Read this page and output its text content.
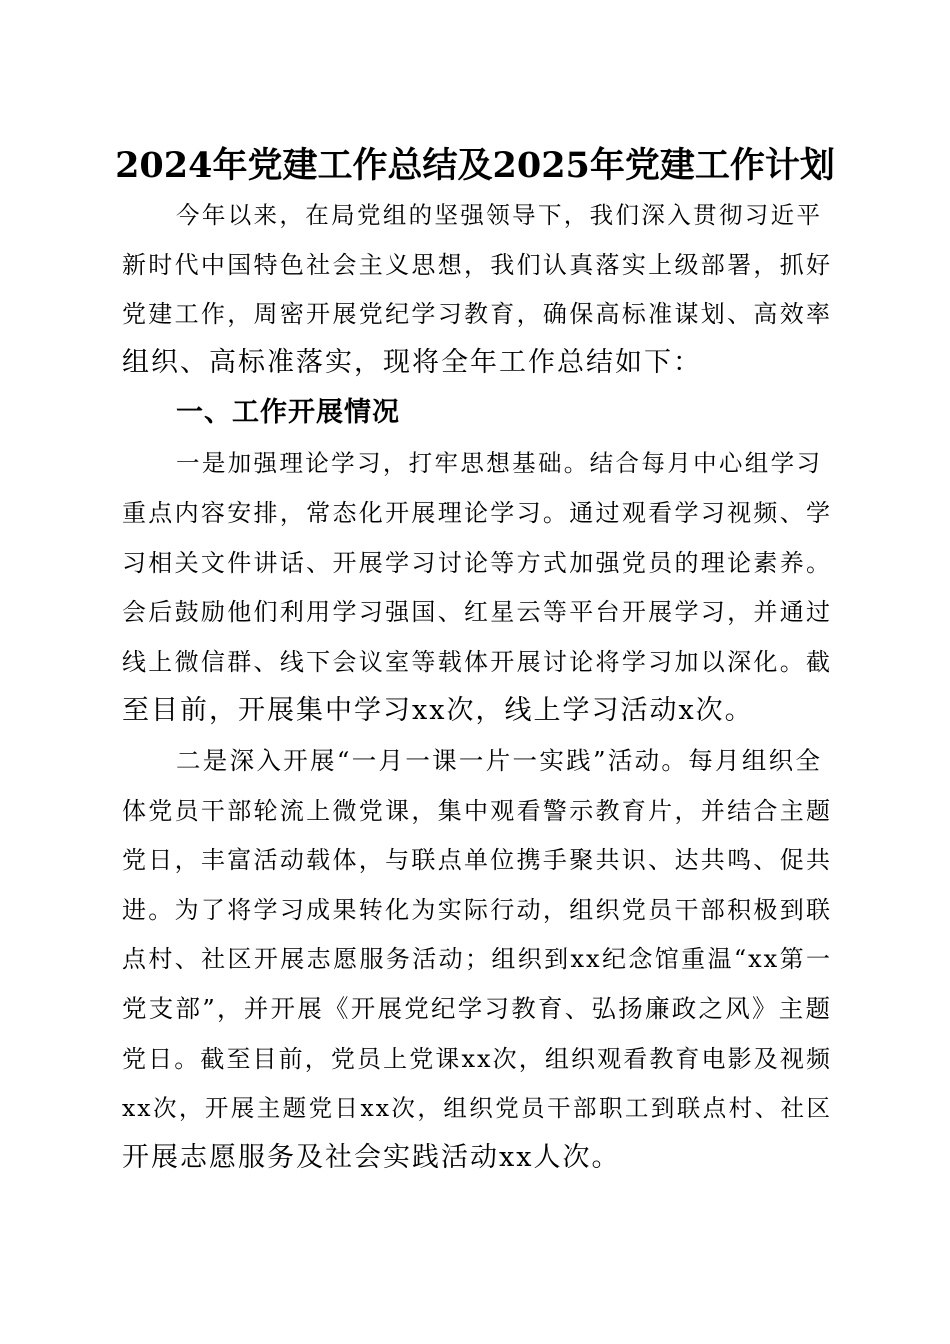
2024年党建工作总结及2025年党建工作计划
今年以来，在局党组的坚强领导下，我们深入贯彻习近平
新时代中国特色社会主义思想，我们认真落实上级部署，抓好
党建工作，周密开展党纪学习教育，确保高标准谋划、高效率
组织、高标准落实，现将全年工作总结如下：
一、工作开展情况
一是加强理论学习，打牢思想基础。结合每月中心组学习
重点内容安排，常态化开展理论学习。通过观看学习视频、学
习相关文件讲话、开展学习讨论等方式加强党员的理论素养。
会后鼓励他们利用学习强国、红星云等平台开展学习，并通过
线上微信群、线下会议室等载体开展讨论将学习加以深化。截
至目前，开展集中学习xx次，线上学习活动x次。
二是深入开展“一月一课一片一实践”活动。每月组织全
体党员干部轮流上微党课，集中观看警示教育片，并结合主题
党日，丰富活动载体，与联点单位携手聚共识、达共鸣、促共
进。为了将学习成果转化为实际行动，组织党员干部积极到联
点村、社区开展志愿服务活动；组织到xx纪念馆重温“xx第一
党支部”，并开展《开展党纪学习教育、弘扬廉政之风》主题
党日。截至目前，党员上党课xx次，组织观看教育电影及视频
xx次，开展主题党日xx次，组织党员干部职工到联点村、社区
开展志愿服务及社会实践活动xx人次。
